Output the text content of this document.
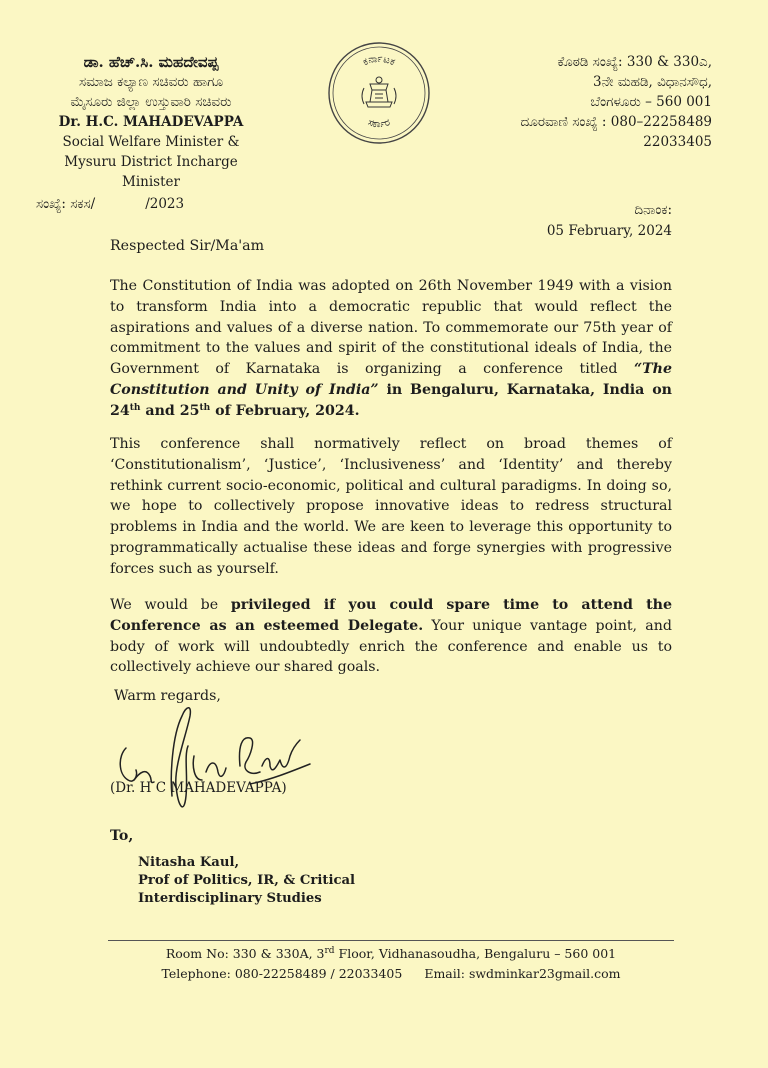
ಡಾ. ಹೆಚ್.ಸಿ. ಮಹದೇವಪ್ಪ
ಸಮಾಜ ಕಲ್ಯಾಣ ಸಚಿವರು ಹಾಗೂ
ಮೈಸೂರು ಜಿಲ್ಲಾ ಉಸ್ತುವಾರಿ ಸಚಿವರು
Dr. H.C. MAHADEVAPPA
Social Welfare Minister &
Mysuru District Incharge Minister
ಕರ್ನಾಟಕ
ಸರ್ಕಾರ
ಕೊಠಡಿ ಸಂಖ್ಯೆ: 330 & 330ಎ,
3ನೇ ಮಹಡಿ, ವಿಧಾನಸೌಧ,
ಬೆಂಗಳೂರು – 560 001
ದೂರವಾಣಿ ಸಂಖ್ಯೆ : 080–22258489
22033405
ಸಂಖ್ಯೆ: ಸಕಸ/	/2023	ದಿನಾಂಕ:
05 February, 2024
Respected Sir/Ma'am
The Constitution of India was adopted on 26th November 1949 with a vision to transform India into a democratic republic that would reflect the aspirations and values of a diverse nation. To commemorate our 75th year of commitment to the values and spirit of the constitutional ideals of India, the Government of Karnataka is organizing a conference titled “The Constitution and Unity of India” in Bengaluru, Karnataka, India on 24th and 25th of February, 2024.
This conference shall normatively reflect on broad themes of ‘Constitutionalism’, ‘Justice’, ‘Inclusiveness’ and ‘Identity’ and thereby rethink current socio-economic, political and cultural paradigms. In doing so, we hope to collectively propose innovative ideas to redress structural problems in India and the world. We are keen to leverage this opportunity to programmatically actualise these ideas and forge synergies with progressive forces such as yourself.
We would be privileged if you could spare time to attend the Conference as an esteemed Delegate. Your unique vantage point, and body of work will undoubtedly enrich the conference and enable us to collectively achieve our shared goals.
Warm regards,
(Dr. H C MAHADEVAPPA)
To,
Nitasha Kaul,
Prof of Politics, IR, & Critical
Interdisciplinary Studies
Room No: 330 & 330A, 3rd Floor, Vidhanasoudha, Bengaluru – 560 001
Telephone: 080-22258489 / 22033405 Email: swdminkar23gmail.com
